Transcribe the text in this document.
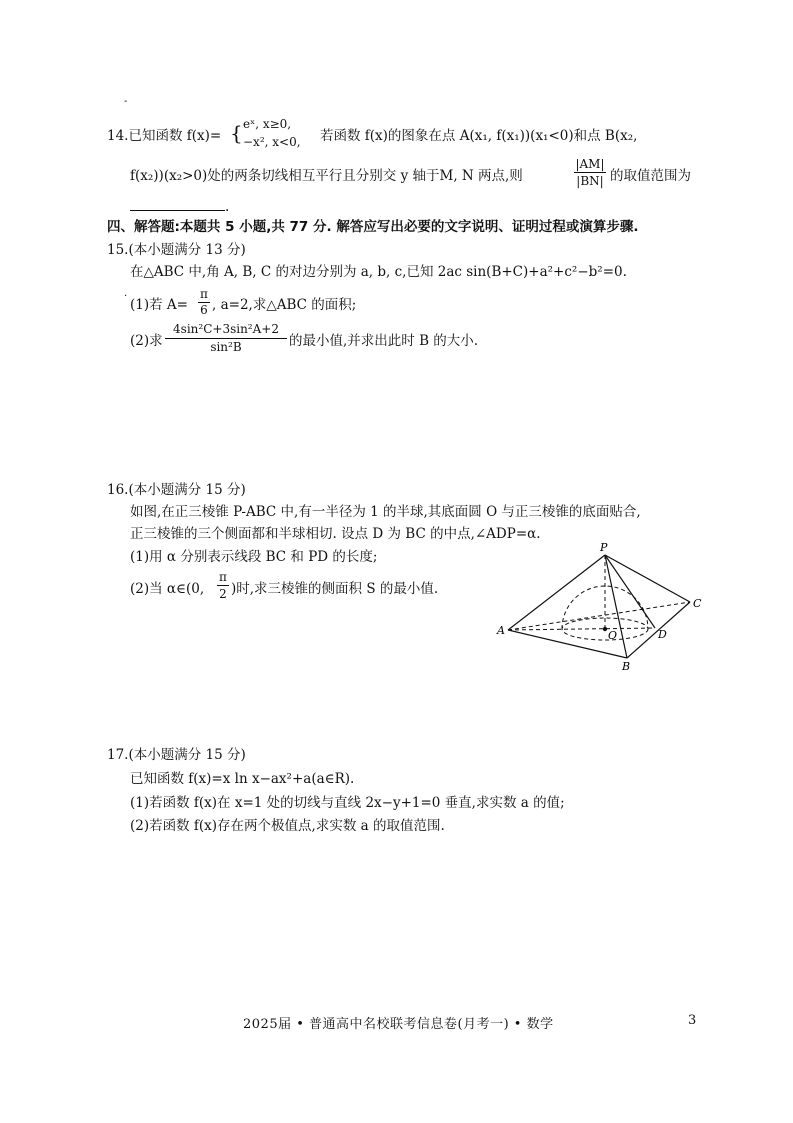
-
14.已知函数 f(x)= { eˣ, x≥0,
−x², x<0, 若函数 f(x)的图象在点 A(x₁, f(x₁))(x₁<0)和点 B(x₂,
f(x₂))(x₂>0)处的两条切线相互平行且分别交 y 轴于M, N 两点,则
|AM|
|BN| 的取值范围为
.
四、解答题:本题共 5 小题,共 77 分. 解答应写出必要的文字说明、证明过程或演算步骤.
15.(本小题满分 13 分)
在△ABC 中,角 A, B, C 的对边分别为 a, b, c,已知 2ac sin(B+C)+a²+c²−b²=0.
·
(1)若 A=
π
6 , a=2,求△ABC 的面积;
(2)求
4sin²C+3sin²A+2
sin²B	的最小值,并求出此时 B 的大小.
16.(本小题满分 15 分)
如图,在正三棱锥 P-ABC 中,有一半径为 1 的半球,其底面圆 O 与正三棱锥的底面贴合,
正三棱锥的三个侧面都和半球相切. 设点 D 为 BC 的中点,∠ADP=α.
(1)用 α 分别表示线段 BC 和 PD 的长度;
(2)当 α∈(0,
π
2 )时,求三棱锥的侧面积 S 的最小值.
P
A
B
C
D
O
17.(本小题满分 15 分)
已知函数 f(x)=x ln x−ax²+a(a∈R).
(1)若函数 f(x)在 x=1 处的切线与直线 2x−y+1=0 垂直,求实数 a 的值;
(2)若函数 f(x)存在两个极值点,求实数 a 的取值范围.
2025届 • 普通高中名校联考信息卷(月考一) • 数学	3
